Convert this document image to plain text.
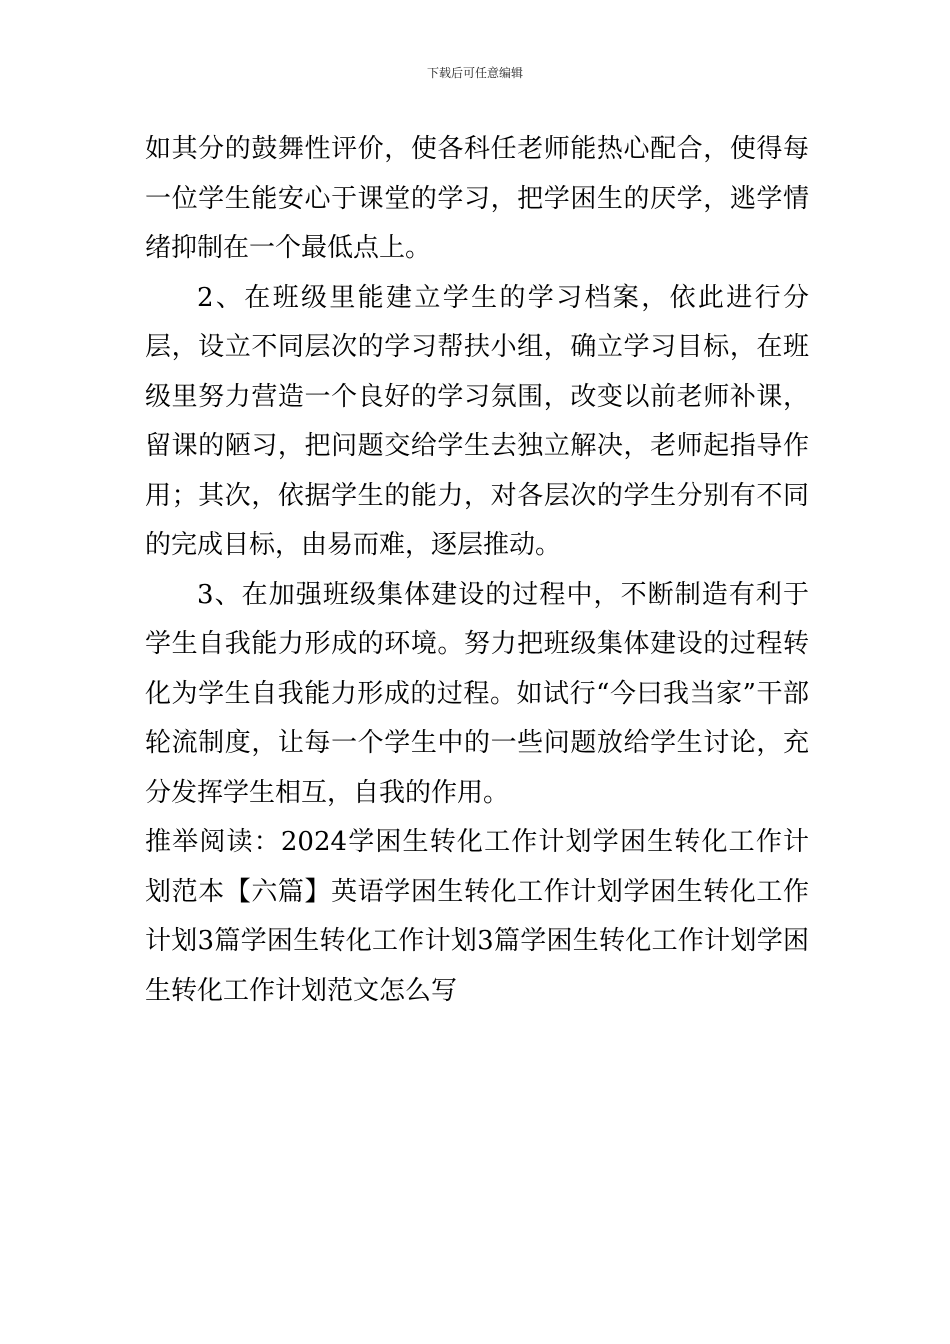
下载后可任意编辑

如其分的鼓舞性评价，使各科任老师能热心配合，使得每一位学生能安心于课堂的学习，把学困生的厌学，逃学情绪抑制在一个最低点上。

2、在班级里能建立学生的学习档案，依此进行分层，设立不同层次的学习帮扶小组，确立学习目标，在班级里努力营造一个良好的学习氛围，改变以前老师补课，留课的陋习，把问题交给学生去独立解决，老师起指导作用；其次，依据学生的能力，对各层次的学生分别有不同的完成目标，由易而难，逐层推动。

3、在加强班级集体建设的过程中，不断制造有利于学生自我能力形成的环境。努力把班级集体建设的过程转化为学生自我能力形成的过程。如试行“今曰我当家”干部轮流制度，让每一个学生中的一些问题放给学生讨论，充分发挥学生相互，自我的作用。

推举阅读：2024学困生转化工作计划学困生转化工作计划范本【六篇】英语学困生转化工作计划学困生转化工作计划3篇学困生转化工作计划3篇学困生转化工作计划学困生转化工作计划范文怎么写
